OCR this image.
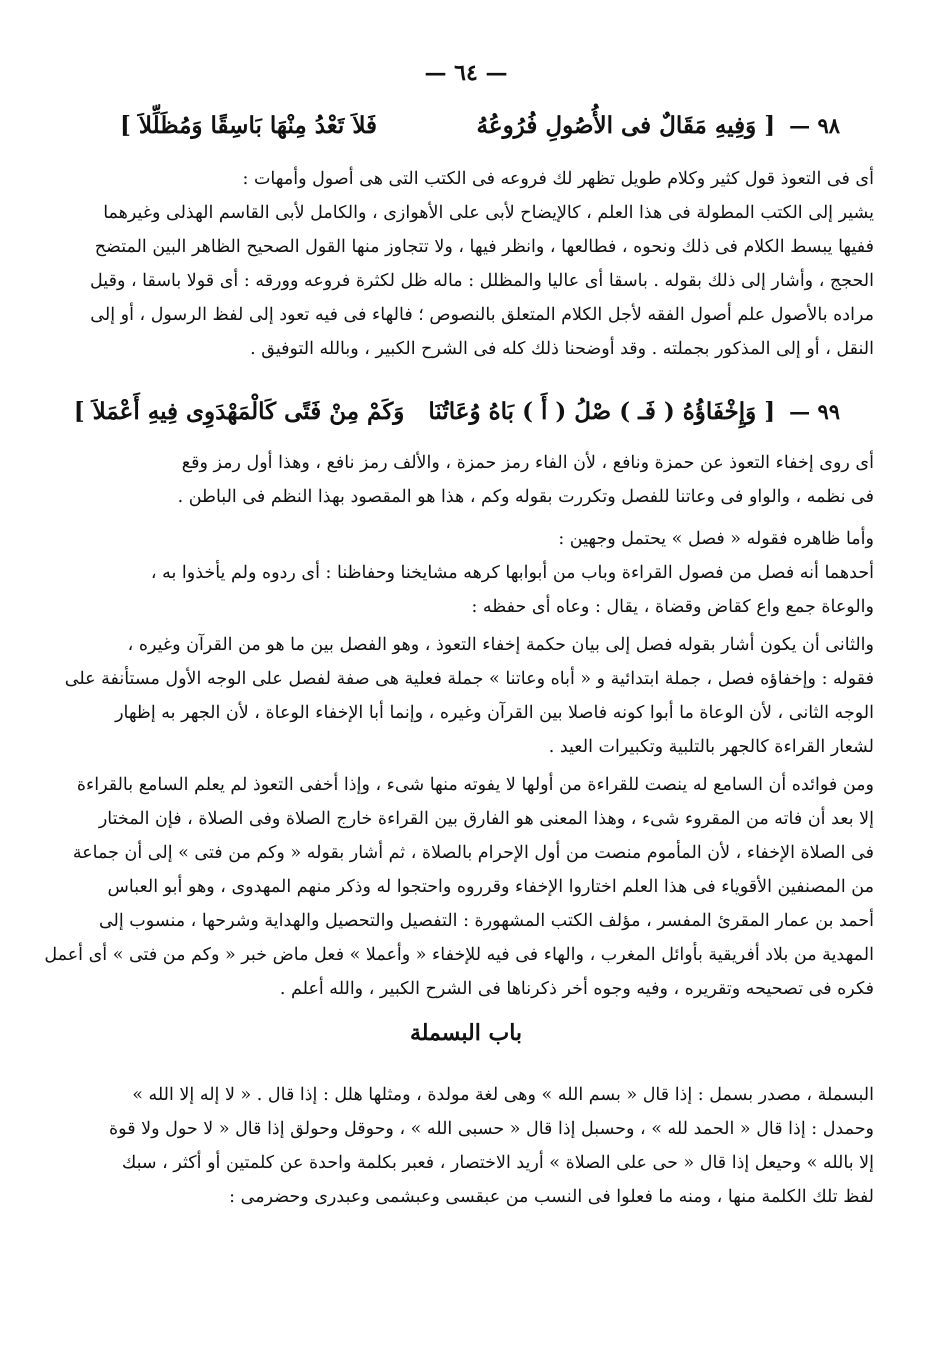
— ٦٤ —
٩٨ —
[ وَفِيهِ مَقَالٌ فى الأُصُولِ فُرُوعُهُ
فَلاَ تَعْدُ مِنْهَا بَاسِقًا وَمُظَلِّلاَ ]
أى فى التعوذ قول كثير وكلام طويل تظهر لك فروعه فى الكتب التى هى أصول وأمهات :
يشير إلى الكتب المطولة فى هذا العلم ، كالإيضاح لأبى على الأهوازى ، والكامل لأبى القاسم الهذلى وغيرهما
ففيها يبسط الكلام فى ذلك ونحوه ، فطالعها ، وانظر فيها ، ولا تتجاوز منها القول الصحيح الظاهر البين المتضح
الحجج ، وأشار إلى ذلك بقوله . باسقا أى عاليا والمظلل : ماله ظل لكثرة فروعه وورقه : أى قولا باسقا ، وقيل
مراده بالأصول علم أصول الفقه لأجل الكلام المتعلق بالنصوص ؛ فالهاء فى فيه تعود إلى لفظ الرسول ، أو إلى
النقل ، أو إلى المذكور بجملته . وقد أوضحنا ذلك كله فى الشرح الكبير ، وبالله التوفيق .
٩٩ —
[ وَإِخْفَاؤُهُ ( فَـ ) صْلُ ( أَ ) بَاهُ وُعَاتُنَا
وَكَمْ مِنْ فَتًى كَالْمَهْدَوِى فِيهِ أَعْمَلاَ ]
أى روى إخفاء التعوذ عن حمزة ونافع ، لأن الفاء رمز حمزة ، والألف رمز نافع ، وهذا أول رمز وقع
فى نظمه ، والواو فى وعاتنا للفصل وتكررت بقوله وكم ، هذا هو المقصود بهذا النظم فى الباطن .
وأما ظاهره فقوله « فصل » يحتمل وجهين :
أحدهما أنه فصل من فصول القراءة وباب من أبوابها كرهه مشايخنا وحفاظنا : أى ردوه ولم يأخذوا به ،
والوعاة جمع واع كقاض وقضاة ، يقال : وعاه أى حفظه :
والثانى أن يكون أشار بقوله فصل إلى بيان حكمة إخفاء التعوذ ، وهو الفصل بين ما هو من القرآن وغيره ،
فقوله : وإخفاؤه فصل ، جملة ابتدائية و « أباه وعاتنا » جملة فعلية هى صفة لفصل على الوجه الأول مستأنفة على
الوجه الثانى ، لأن الوعاة ما أبوا كونه فاصلا بين القرآن وغيره ، وإنما أبا الإخفاء الوعاة ، لأن الجهر به إظهار
لشعار القراءة كالجهر بالتلبية وتكبيرات العيد .
ومن فوائده أن السامع له ينصت للقراءة من أولها لا يفوته منها شىء ، وإذا أخفى التعوذ لم يعلم السامع بالقراءة
إلا بعد أن فاته من المقروء شىء ، وهذا المعنى هو الفارق بين القراءة خارج الصلاة وفى الصلاة ، فإن المختار
فى الصلاة الإخفاء ، لأن المأموم منصت من أول الإحرام بالصلاة ، ثم أشار بقوله « وكم من فتى » إلى أن جماعة
من المصنفين الأقوياء فى هذا العلم اختاروا الإخفاء وقرروه واحتجوا له وذكر منهم المهدوى ، وهو أبو العباس
أحمد بن عمار المقرئ المفسر ، مؤلف الكتب المشهورة : التفصيل والتحصيل والهداية وشرحها ، منسوب إلى
المهدية من بلاد أفريقية بأوائل المغرب ، والهاء فى فيه للإخفاء « وأعملا » فعل ماض خبر « وكم من فتى » أى أعمل
فكره فى تصحيحه وتقريره ، وفيه وجوه أخر ذكرناها فى الشرح الكبير ، والله أعلم .
باب البسملة
البسملة ، مصدر بسمل : إذا قال « بسم الله » وهى لغة مولدة ، ومثلها هلل : إذا قال . « لا إله إلا الله »
وحمدل : إذا قال « الحمد لله » ، وحسبل إذا قال « حسبى الله » ، وحوقل وحولق إذا قال « لا حول ولا قوة
إلا بالله » وحيعل إذا قال « حى على الصلاة » أريد الاختصار ، فعبر بكلمة واحدة عن كلمتين أو أكثر ، سبك
لفظ تلك الكلمة منها ، ومنه ما فعلوا فى النسب من عبقسى وعبشمى وعبدرى وحضرمى :
